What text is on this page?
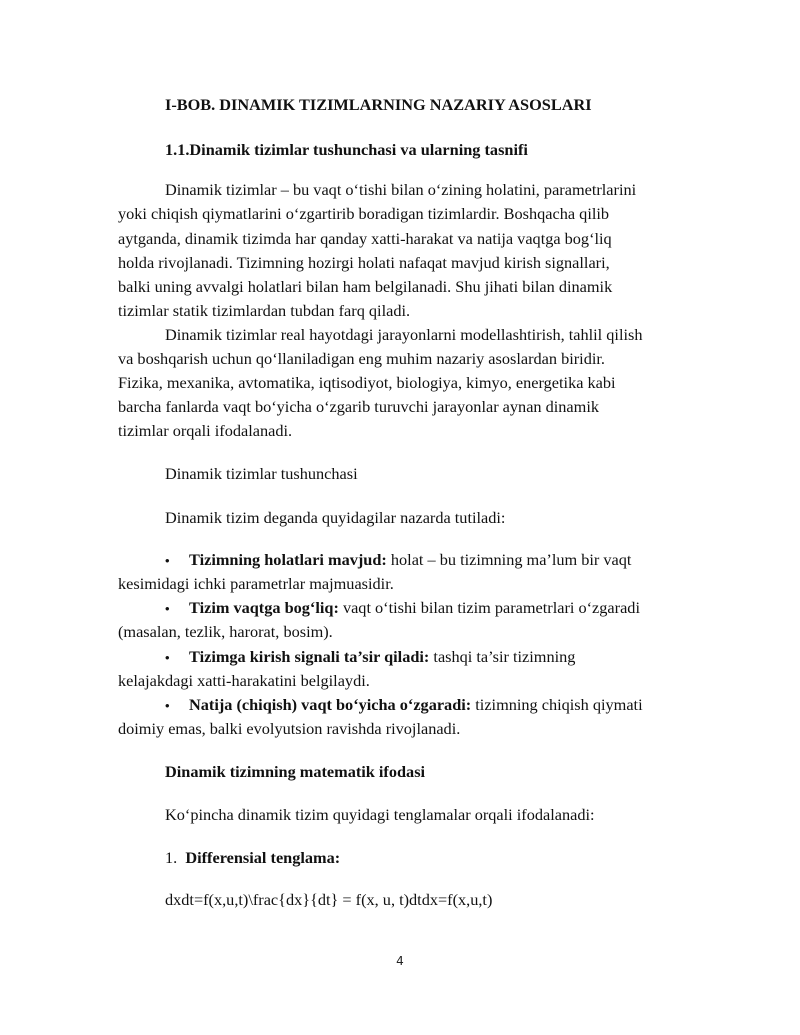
I-BOB. DINAMIK TIZIMLARNING NAZARIY ASOSLARI
1.1.Dinamik tizimlar tushunchasi va ularning tasnifi
Dinamik tizimlar – bu vaqt o‘tishi bilan o‘zining holatini, parametrlarini
yoki chiqish qiymatlarini o‘zgartirib boradigan tizimlardir. Boshqacha qilib
aytganda, dinamik tizimda har qanday xatti-harakat va natija vaqtga bog‘liq
holda rivojlanadi. Tizimning hozirgi holati nafaqat mavjud kirish signallari,
balki uning avvalgi holatlari bilan ham belgilanadi. Shu jihati bilan dinamik
tizimlar statik tizimlardan tubdan farq qiladi.
Dinamik tizimlar real hayotdagi jarayonlarni modellashtirish, tahlil qilish
va boshqarish uchun qo‘llaniladigan eng muhim nazariy asoslardan biridir.
Fizika, mexanika, avtomatika, iqtisodiyot, biologiya, kimyo, energetika kabi
barcha fanlarda vaqt bo‘yicha o‘zgarib turuvchi jarayonlar aynan dinamik
tizimlar orqali ifodalanadi.
Dinamik tizimlar tushunchasi
Dinamik tizim deganda quyidagilar nazarda tutiladi:
• Tizimning holatlari mavjud: holat – bu tizimning ma’lum bir vaqt
kesimidagi ichki parametrlar majmuasidir.
• Tizim vaqtga bog‘liq: vaqt o‘tishi bilan tizim parametrlari o‘zgaradi
(masalan, tezlik, harorat, bosim).
• Tizimga kirish signali ta’sir qiladi: tashqi ta’sir tizimning
kelajakdagi xatti-harakatini belgilaydi.
• Natija (chiqish) vaqt bo‘yicha o‘zgaradi: tizimning chiqish qiymati
doimiy emas, balki evolyutsion ravishda rivojlanadi.
Dinamik tizimning matematik ifodasi
Ko‘pincha dinamik tizim quyidagi tenglamalar orqali ifodalanadi:
1. Differensial tenglama:
dxdt=f(x,u,t)\frac{dx}{dt} = f(x, u, t)dtdx=f(x,u,t)
4
